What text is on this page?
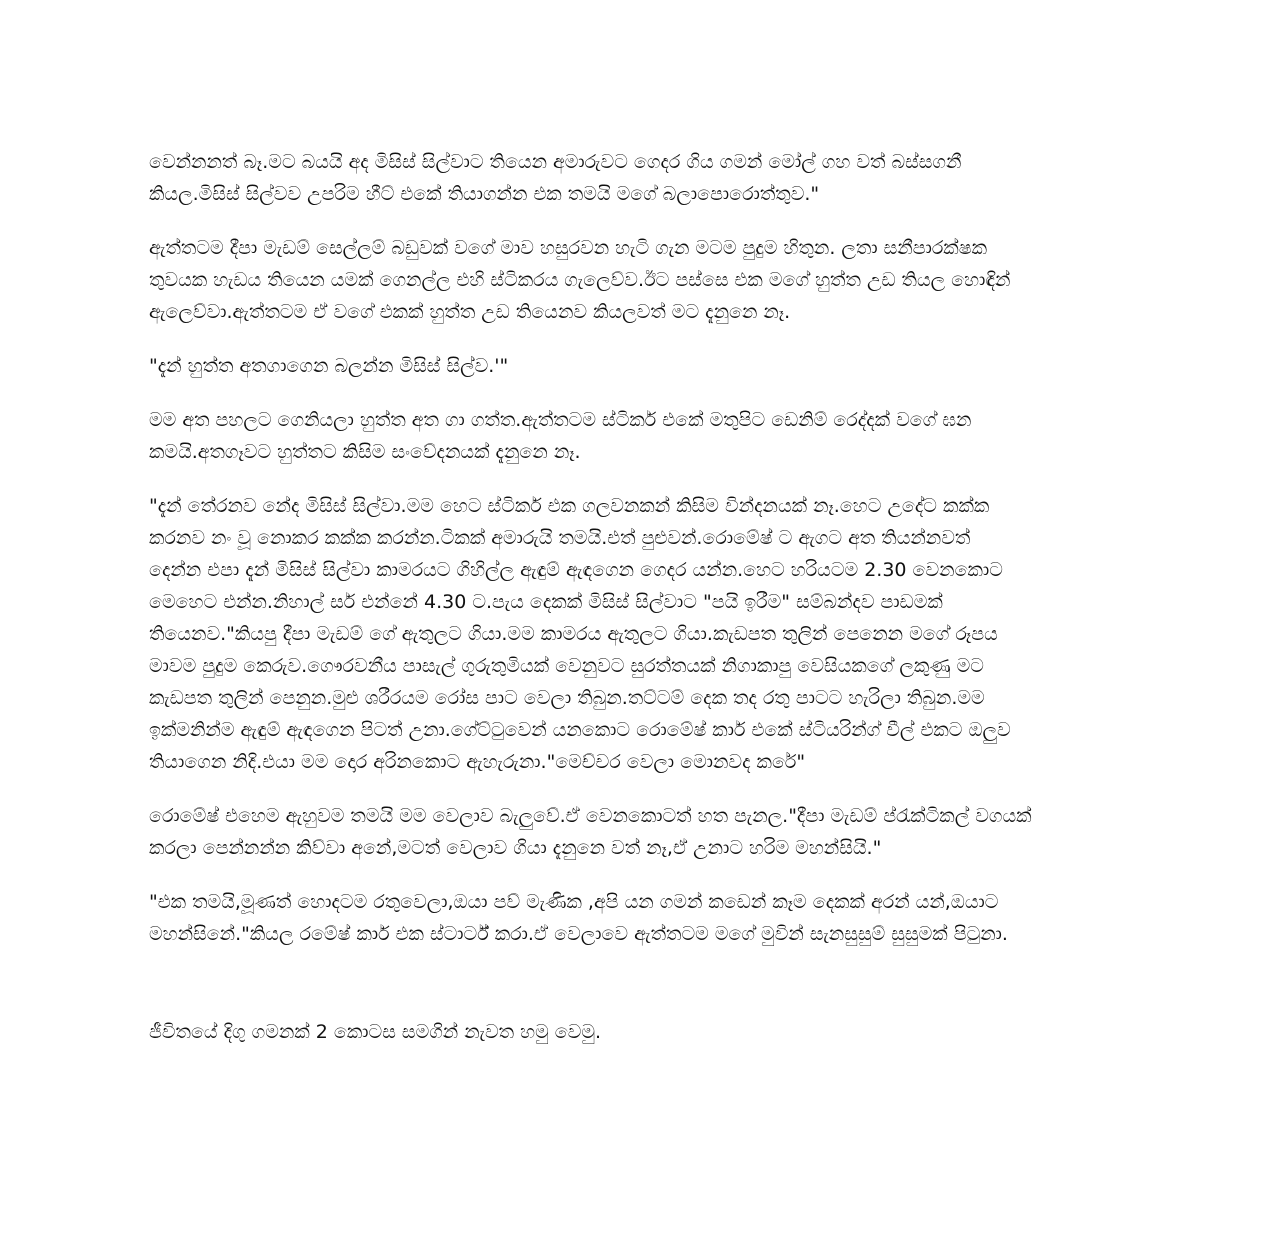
වෙන්නනත් බෑ.මට බයයි අද මිසිස් සිල්වාට තියෙන අමාරුවට ගෙදර ගිය ගමන් මෝල් ගහ වත් බස්සගනී
කියල.මිසිස් සිල්වව උපරිම හීට් එකේ තියාගන්න එක තමයි මගේ බලාපොරොත්තුව."

ඇත්තටම දීපා මැඩම් සෙල්ලම් බඩුවක් වගේ මාව හසුරවන හැටි ගැන මටම පුදුම හිතුන. ලතා සනීපාරක්ෂක
තුවයක හැඩය තියෙන යමක් ගෙනල්ල එහි ස්ටිකරය ගැලෙව්ව.ඊට පස්සෙ එක මගේ හුත්ත උඩ තියල හොඳින්
ඇලෙව්වා.ඇත්තටම ඒ වගේ එකක් හුත්ත උඩ තියෙනව කියලවත් මට දැනුනෙ නෑ.

"දැන් හුත්ත අතගාගෙන බලන්න මිසිස් සිල්ව.'"

මම අත පහලට ගෙනියලා හුත්ත අත ගා ගත්ත.ඇත්තටම ස්ටිකර් එකේ මතුපිට ඩෙනිම් රෙද්දක් වගේ ඝන
කමයි.අතගෑවට හුත්තට කිසිම සංවේදනයක් දැනුනෙ නෑ.

"දැන් තේරනව නේද මිසිස් සිල්වා.මම හෙට ස්ටිකර් එක ගලවනකන් කිසිම වින්දනයක් නෑ.හෙට උදේට කක්ක
කරනව නං වූ නොකර කක්ක කරන්න.ටිකක් අමාරුයි තමයි.එත් පුළුවන්.රොමේෂ් ට ඇගට අත තියන්නවත්
දෙන්න එපා දැන් මිසිස් සිල්වා කාමරයට ගිහිල්ල ඇඳුම් ඇඳගෙන ගෙදර යන්න.හෙට හරියටම 2.30 වෙනකොට
මෙහෙට එන්න.නිහාල් සර් එන්නේ 4.30 ට.පැය දෙකක් මිසිස් සිල්වාට "පයි ඉරීම" සම්බන්දව පාඩමක්
තියෙනව."කියපු දීපා මැඩම් ගේ ඇතුලට ගියා.මම කාමරය ඇතුලට ගියා.කැඩපත තුලින් පෙනෙන මගේ රූපය
මාවම පුදුම කෙරුව.ගෞරවනීය පාසැල් ගුරුතුමියක් වෙනුවට සුරත්තයක් නිගාකාපු වෙසියකගේ ලකුණු මට
කැඩපත තුලින් පෙනුන.මුළු ශරීරයම රෝස පාට වෙලා තිබුන.තට්ටම් දෙක තද රතු පාටට හැරිලා තිබුන.මම
ඉක්මනින්ම ඇඳුම් ඇඳගෙන පිටත් උනා.ගේට්ටුවෙන් යනකොට රොමේෂ් කාර් එකේ ස්ටියරින්ග් වීල් එකට ඔලුව
තියාගෙන නිදි.එයා මම දොර අරිනකොට ඇහැරුනා."මෙච්චර වෙලා මොනවද කරේ"

රොමේෂ් එහෙම ඇහුවම තමයි මම වෙලාව බැලුවේ.ඒ වෙනකොටත් හත පැනල."දීපා මැඩම් ප්රැක්ටිකල් වගයක්
කරලා පෙන්නන්න කිව්වා අනේ,මටත් වෙලාව ගියා දැනුනෙ වත් නෑ,ඒ උනාට හරිම මහන්සියි."

"එක තමයි,මූණත් හොදටම රතුවෙලා,ඔයා පව් මැණික ,අපි යන ගමන් කඩෙන් කෑම දෙකක් අරන් යන්,ඔයාට
මහන්සිනේ."කියල රමේෂ් කාර් එක ස්ටාර්ට් කරා.ඒ වෙලාවෙ ඇත්තටම මගේ මුවින් සැනසුසුම් සුසුමක් පිටුනා.

ජීවිතයේ දිගු ගමනක් 2 කොටස සමගින් නැවත හමු වෙමු.
